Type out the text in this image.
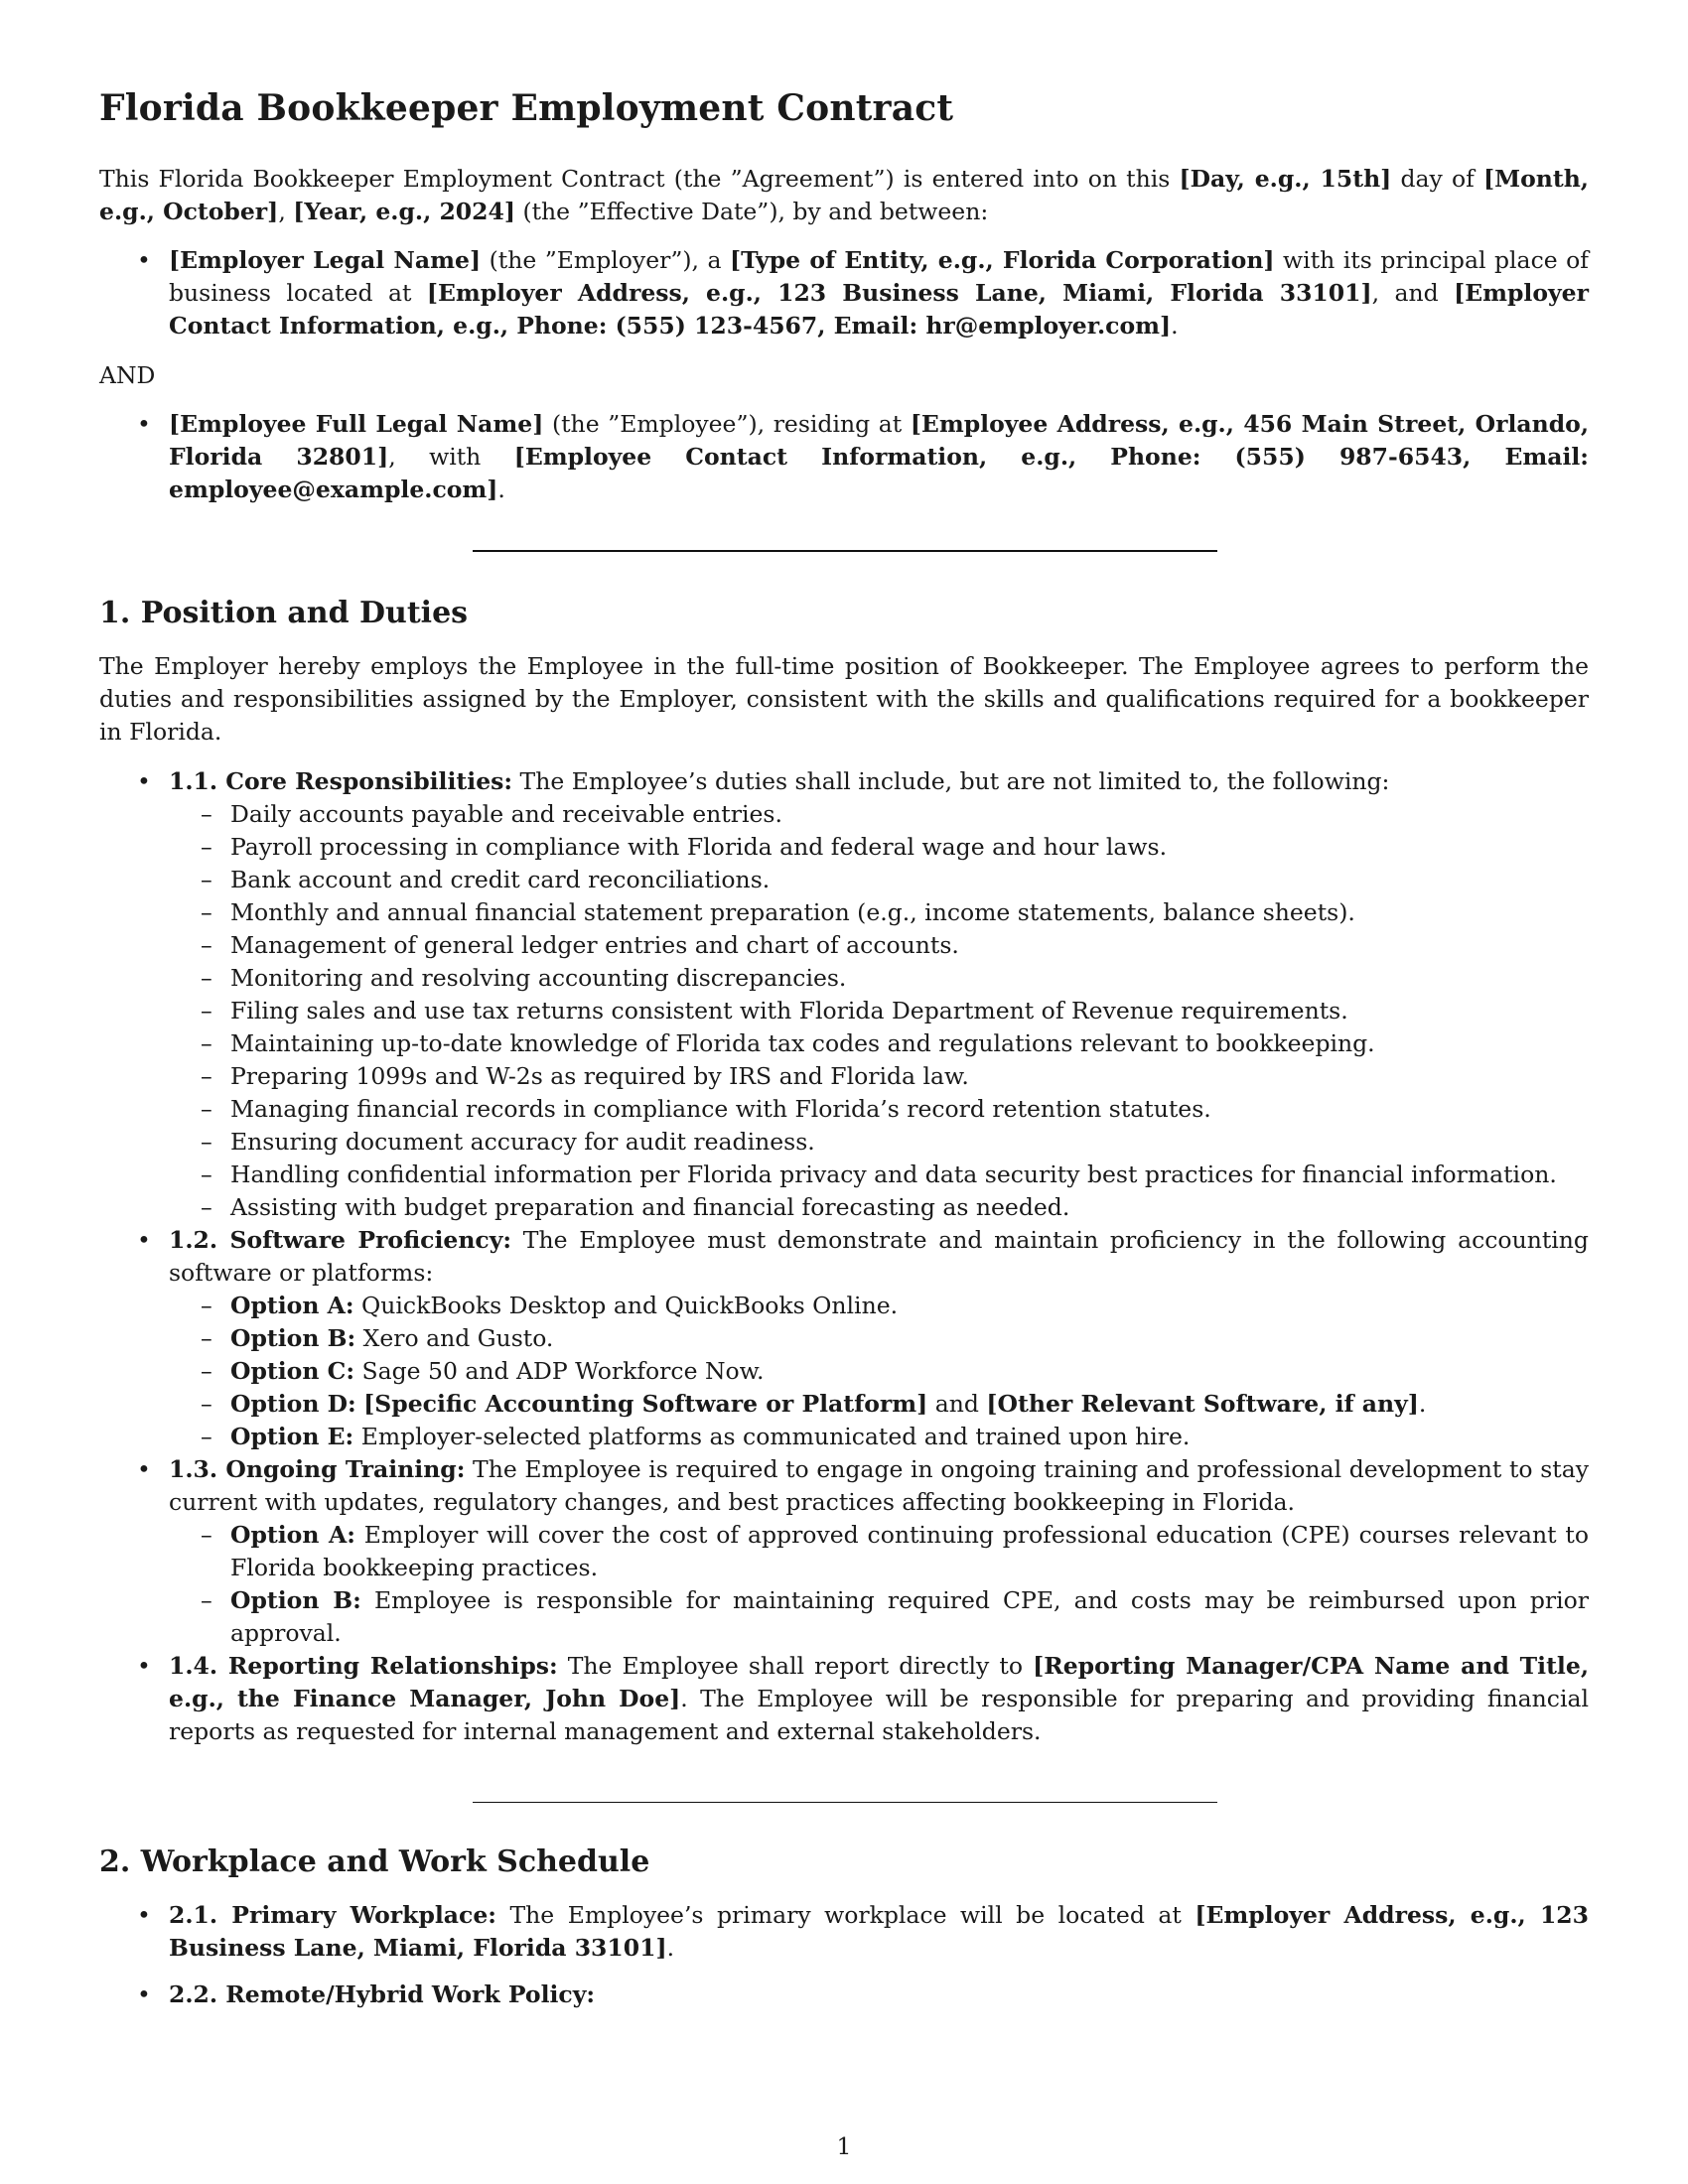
Florida Bookkeeper Employment Contract

This Florida Bookkeeper Employment Contract (the ”Agreement”) is entered into on this [Day, e.g., 15th] day of [Month, e.g., October], [Year, e.g., 2024] (the ”Effective Date”), by and between:

• [Employer Legal Name] (the ”Employer”), a [Type of Entity, e.g., Florida Corporation] with its principal place of business located at [Employer Address, e.g., 123 Business Lane, Miami, Florida 33101], and [Employer Contact Information, e.g., Phone: (555) 123-4567, Email: hr@employer.com].

AND

• [Employee Full Legal Name] (the ”Employee”), residing at [Employee Address, e.g., 456 Main Street, Orlando, Florida 32801], with [Employee Contact Information, e.g., Phone: (555) 987-6543, Email: employee@example.com].
1. Position and Duties

The Employer hereby employs the Employee in the full-time position of Bookkeeper. The Employee agrees to perform the duties and responsibilities assigned by the Employer, consistent with the skills and qualifications required for a bookkeeper in Florida.

• 1.1. Core Responsibilities: The Employee’s duties shall include, but are not limited to, the following:
– Daily accounts payable and receivable entries.
– Payroll processing in compliance with Florida and federal wage and hour laws.
– Bank account and credit card reconciliations.
– Monthly and annual financial statement preparation (e.g., income statements, balance sheets).
– Management of general ledger entries and chart of accounts.
– Monitoring and resolving accounting discrepancies.
– Filing sales and use tax returns consistent with Florida Department of Revenue requirements.
– Maintaining up-to-date knowledge of Florida tax codes and regulations relevant to bookkeeping.
– Preparing 1099s and W-2s as required by IRS and Florida law.
– Managing financial records in compliance with Florida’s record retention statutes.
– Ensuring document accuracy for audit readiness.
– Handling confidential information per Florida privacy and data security best practices for financial information.
– Assisting with budget preparation and financial forecasting as needed.
• 1.2. Software Proficiency: The Employee must demonstrate and maintain proficiency in the following accounting software or platforms:
– Option A: QuickBooks Desktop and QuickBooks Online.
– Option B: Xero and Gusto.
– Option C: Sage 50 and ADP Workforce Now.
– Option D: [Specific Accounting Software or Platform] and [Other Relevant Software, if any].
– Option E: Employer-selected platforms as communicated and trained upon hire.
• 1.3. Ongoing Training: The Employee is required to engage in ongoing training and professional development to stay current with updates, regulatory changes, and best practices affecting bookkeeping in Florida.
– Option A: Employer will cover the cost of approved continuing professional education (CPE) courses relevant to Florida bookkeeping practices.
– Option B: Employee is responsible for maintaining required CPE, and costs may be reimbursed upon prior approval.
• 1.4. Reporting Relationships: The Employee shall report directly to [Reporting Manager/CPA Name and Title, e.g., the Finance Manager, John Doe]. The Employee will be responsible for preparing and providing financial reports as requested for internal management and external stakeholders.
2. Workplace and Work Schedule
• 2.1. Primary Workplace: The Employee’s primary workplace will be located at [Employer Address, e.g., 123 Business Lane, Miami, Florida 33101].
• 2.2. Remote/Hybrid Work Policy:
1
